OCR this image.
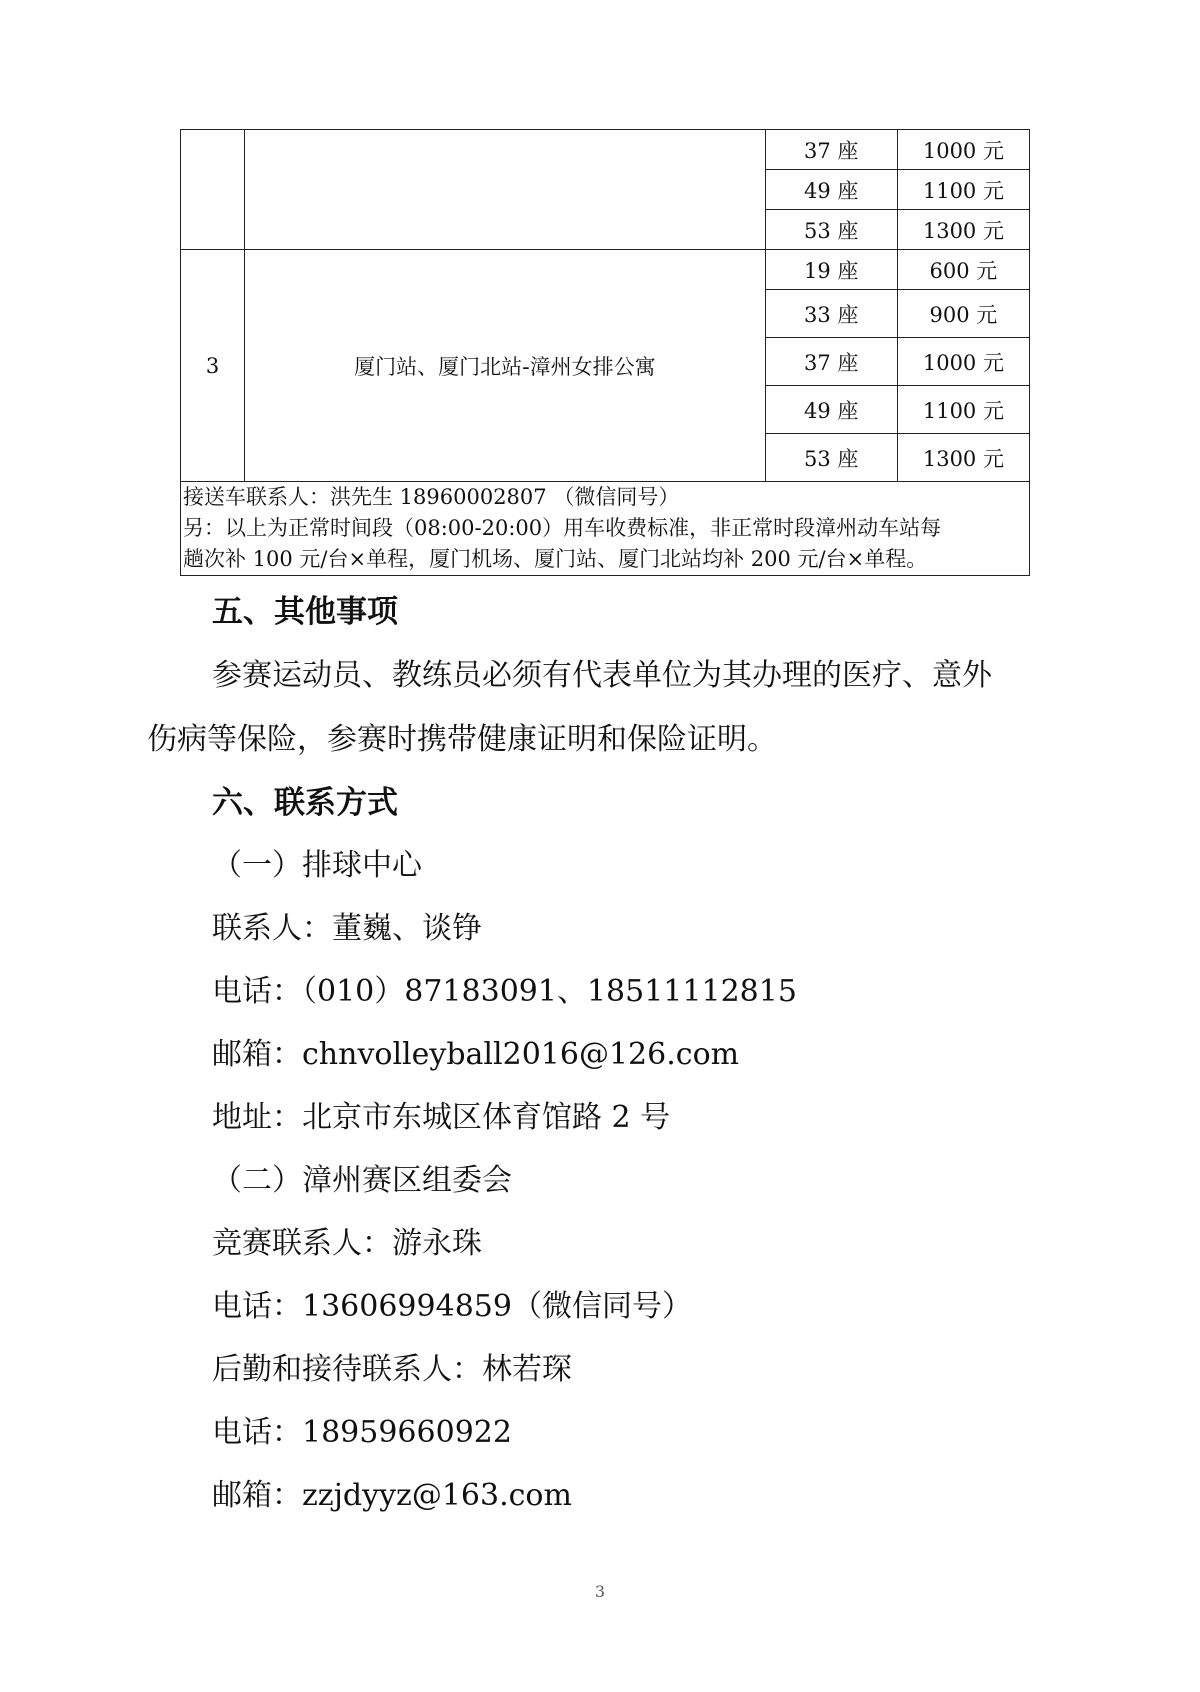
		37 座	1000 元
		49 座	1100 元
		53 座	1300 元
3	厦门站、厦门北站-漳州女排公寓	19 座	600 元
		33 座	900 元
		37 座	1000 元
		49 座	1100 元
		53 座	1300 元

接送车联系人：洪先生 18960002807 （微信同号）
另：以上为正常时间段（08:00-20:00）用车收费标准，非正常时段漳州动车站每
趟次补 100 元/台×单程，厦门机场、厦门站、厦门北站均补 200 元/台×单程。			
五、其他事项
参赛运动员、教练员必须有代表单位为其办理的医疗、意外
伤病等保险，参赛时携带健康证明和保险证明。
六、联系方式
（一）排球中心
联系人：董巍、谈铮
电话：（010）87183091、18511112815
邮箱：chnvolleyball2016@126.com
地址：北京市东城区体育馆路 2 号
（二）漳州赛区组委会
竞赛联系人：游永珠
电话：13606994859（微信同号）
后勤和接待联系人：林若琛
电话：18959660922
邮箱：zzjdyyz@163.com
3
